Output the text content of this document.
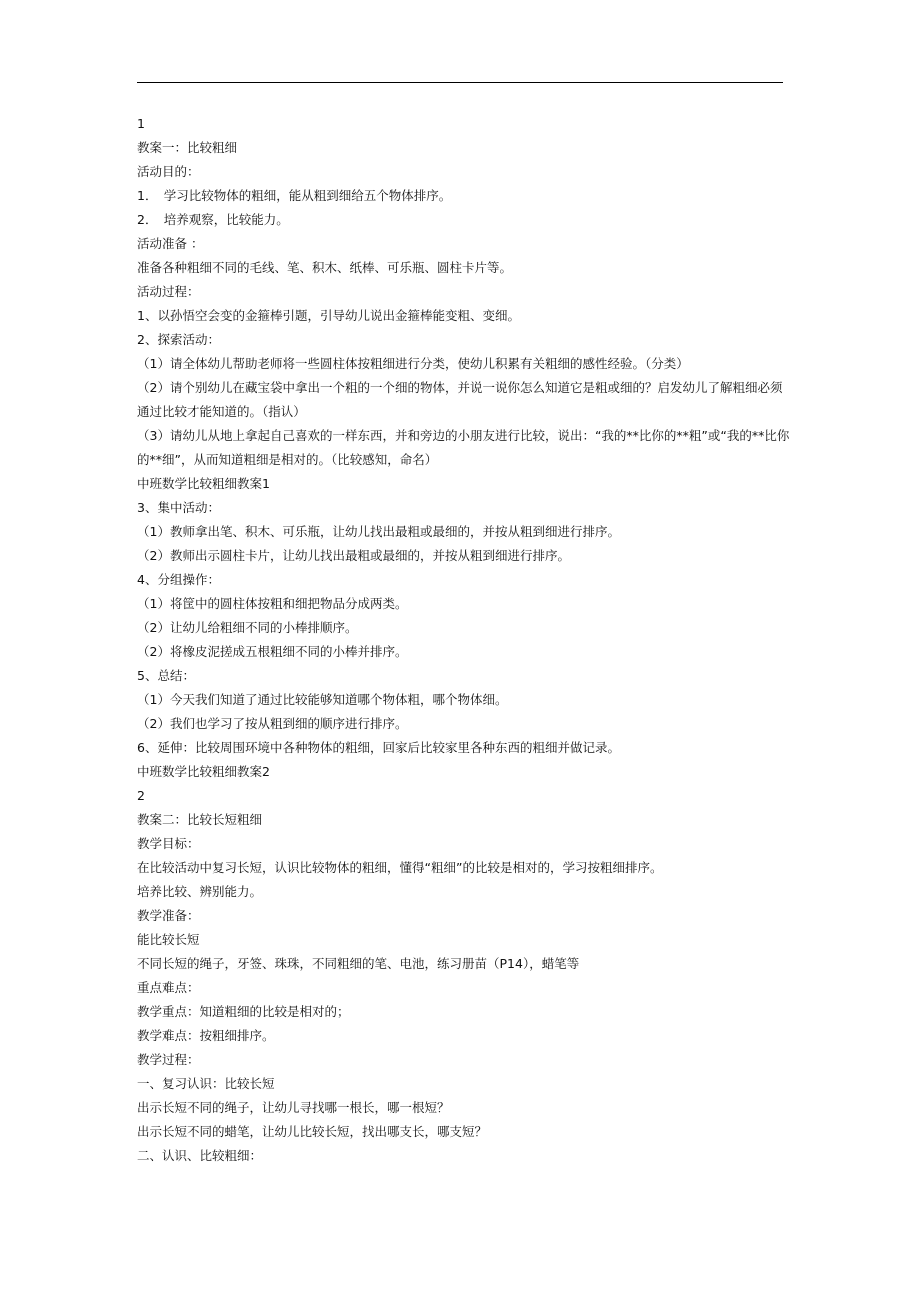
1
教案一：比较粗细
活动目的：
1．　学习比较物体的粗细，能从粗到细给五个物体排序。
2．　培养观察，比较能力。
活动准备 ：
准备各种粗细不同的毛线、笔、积木、纸棒、可乐瓶、圆柱卡片等。
活动过程：
1、以孙悟空会变的金箍棒引题，引导幼儿说出金箍棒能变粗、变细。
2、探索活动：
（1）请全体幼儿帮助老师将一些圆柱体按粗细进行分类，使幼儿积累有关粗细的感性经验。（分类）
（2）请个别幼儿在藏宝袋中拿出一个粗的一个细的物体，并说一说你怎么知道它是粗或细的？启发幼儿了解粗细必须
通过比较才能知道的。（指认）
（3）请幼儿从地上拿起自己喜欢的一样东西，并和旁边的小朋友进行比较，说出：“我的**比你的**粗”或“我的**比你
的**细”，从而知道粗细是相对的。（比较感知，命名）
中班数学比较粗细教案1
3、集中活动：
（1）教师拿出笔、积木、可乐瓶，让幼儿找出最粗或最细的，并按从粗到细进行排序。
（2）教师出示圆柱卡片，让幼儿找出最粗或最细的，并按从粗到细进行排序。
4、分组操作：
（1）将筐中的圆柱体按粗和细把物品分成两类。
（2）让幼儿给粗细不同的小棒排顺序。
（2）将橡皮泥搓成五根粗细不同的小棒并排序。
5、总结：
（1）今天我们知道了通过比较能够知道哪个物体粗，哪个物体细。
（2）我们也学习了按从粗到细的顺序进行排序。
6、延伸：比较周围环境中各种物体的粗细，回家后比较家里各种东西的粗细并做记录。
中班数学比较粗细教案2
2
教案二：比较长短粗细
教学目标：
在比较活动中复习长短，认识比较物体的粗细，懂得“粗细”的比较是相对的，学习按粗细排序。
培养比较、辨别能力。
教学准备：
能比较长短
不同长短的绳子，牙签、珠珠，不同粗细的笔、电池，练习册苗（P14），蜡笔等
重点难点：
教学重点：知道粗细的比较是相对的；
教学难点：按粗细排序。
教学过程：
一、复习认识：比较长短
出示长短不同的绳子，让幼儿寻找哪一根长，哪一根短？
出示长短不同的蜡笔，让幼儿比较长短，找出哪支长，哪支短？
二、认识、比较粗细：
